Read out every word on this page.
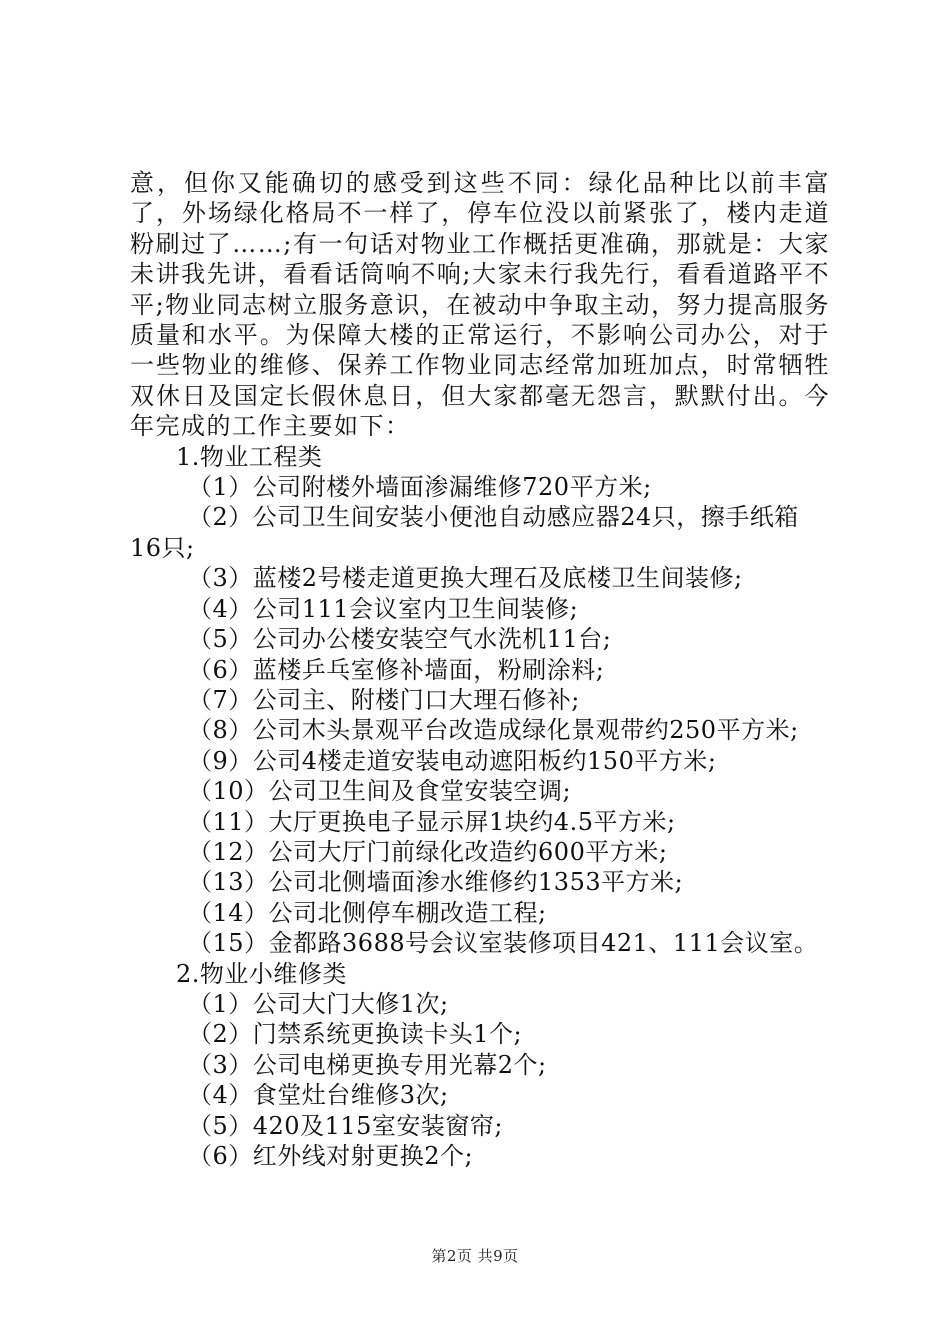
意，但你又能确切的感受到这些不同：绿化品种比以前丰富了，外场绿化格局不一样了，停车位没以前紧张了，楼内走道粉刷过了……;有一句话对物业工作概括更准确，那就是：大家未讲我先讲，看看话筒响不响;大家未行我先行，看看道路平不平;物业同志树立服务意识，在被动中争取主动，努力提高服务质量和水平。为保障大楼的正常运行，不影响公司办公，对于一些物业的维修、保养工作物业同志经常加班加点，时常牺牲双休日及国定长假休息日，但大家都毫无怨言，默默付出。今年完成的工作主要如下：

1.物业工程类

（1）公司附楼外墙面渗漏维修720平方米;

（2）公司卫生间安装小便池自动感应器24只，擦手纸箱16只;

（3）蓝楼2号楼走道更换大理石及底楼卫生间装修;

（4）公司111会议室内卫生间装修;

（5）公司办公楼安装空气水洗机11台;

（6）蓝楼乒乓室修补墙面，粉刷涂料;

（7）公司主、附楼门口大理石修补;

（8）公司木头景观平台改造成绿化景观带约250平方米;

（9）公司4楼走道安装电动遮阳板约150平方米;

（10）公司卫生间及食堂安装空调;

（11）大厅更换电子显示屏1块约4.5平方米;

（12）公司大厅门前绿化改造约600平方米;

（13）公司北侧墙面渗水维修约1353平方米;

（14）公司北侧停车棚改造工程;

（15）金都路3688号会议室装修项目421、111会议室。

2.物业小维修类

（1）公司大门大修1次;

（2）门禁系统更换读卡头1个;

（3）公司电梯更换专用光幕2个;

（4）食堂灶台维修3次;

（5）420及115室安装窗帘;

（6）红外线对射更换2个;

第2页 共9页
